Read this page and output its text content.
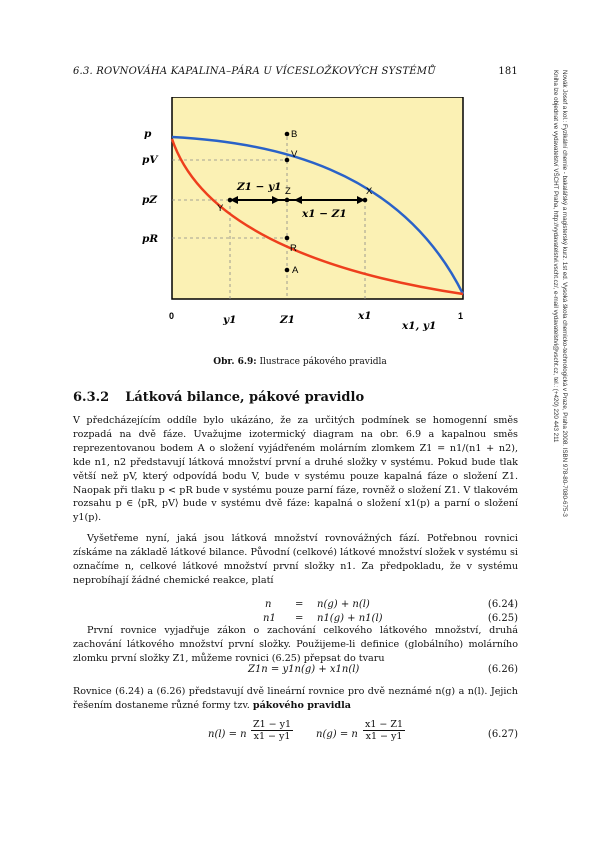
6.3. ROVNOVÁHA KAPALINA–PÁRA U VÍCESLOŽKOVÝCH SYSTÉMŮ	181	Novák Josef a kol.: Fyzikální chemie - bakalářský a magisterský kurz. 1st ed. Vysoká škola chemicko-technologická v Praze, Praha 2008. ISBN 978-80-7080-675-3
Kniha lze objednat ve vydavatelství VŠCHT Praha, http://vydavatelstvi.vscht.cz/, e-mail vydavatelstvi@vscht.cz, tel.: (+420) 220 443 211
B
V
Z
Y
X
R
A
Z1 − y1
x1 − Z1
p
pV
pZ
pR
0	y1	Z1	x1	1
x1, y1
Obr. 6.9: Ilustrace pákového pravidla
6.3.2 Látková bilance, pákové pravidlo
V předcházejícím oddíle bylo ukázáno, že za určitých podmínek se homogenní směs rozpadá na dvě fáze. Uvažujme izotermický diagram na obr. 6.9 a kapalnou směs reprezentovanou bodem A o složení vyjádřeném molárním zlomkem Z1 = n1/(n1 + n2), kde n1, n2 představují látková množství první a druhé složky v systému. Pokud bude tlak větší než pV, který odpovídá bodu V, bude v systému pouze kapalná fáze o složení Z1. Naopak při tlaku p < pR bude v systému pouze parní fáze, rovněž o složení Z1. V tlakovém rozsahu p ∈ ⟨pR, pV⟩ bude v systému dvě fáze: kapalná o složení x1(p) a parní o složení y1(p).
Vyšetřeme nyní, jaká jsou látková množství rovnovážných fází. Potřebnou rovnici získáme na základě látkové bilance. Původní (celkové) látkové množství složek v systému si označíme n, celkové látkové množství první složky n1. Za předpokladu, že v systému neprobíhají žádné chemické reakce, platí
n = n(g) + n(l)	(6.24)
n1 = n1(g) + n1(l)	(6.25)
První rovnice vyjadřuje zákon o zachování celkového látkového množství, druhá zachování látkového množství první složky. Použijeme-li definice (globálního) molárního zlomku první složky Z1, můžeme rovnici (6.25) přepsat do tvaru
Z1n = y1n(g) + x1n(l)	(6.26)
Rovnice (6.24) a (6.26) představují dvě lineární rovnice pro dvě neznámé n(g) a n(l). Jejich řešením dostaneme různé formy tzv. pákového pravidla
n(l) = n $\frac{Z1 - y1}{x1 - y1} n(g) = n \frac{x1 - Z1}{x1 - y1}$	(6.27)
